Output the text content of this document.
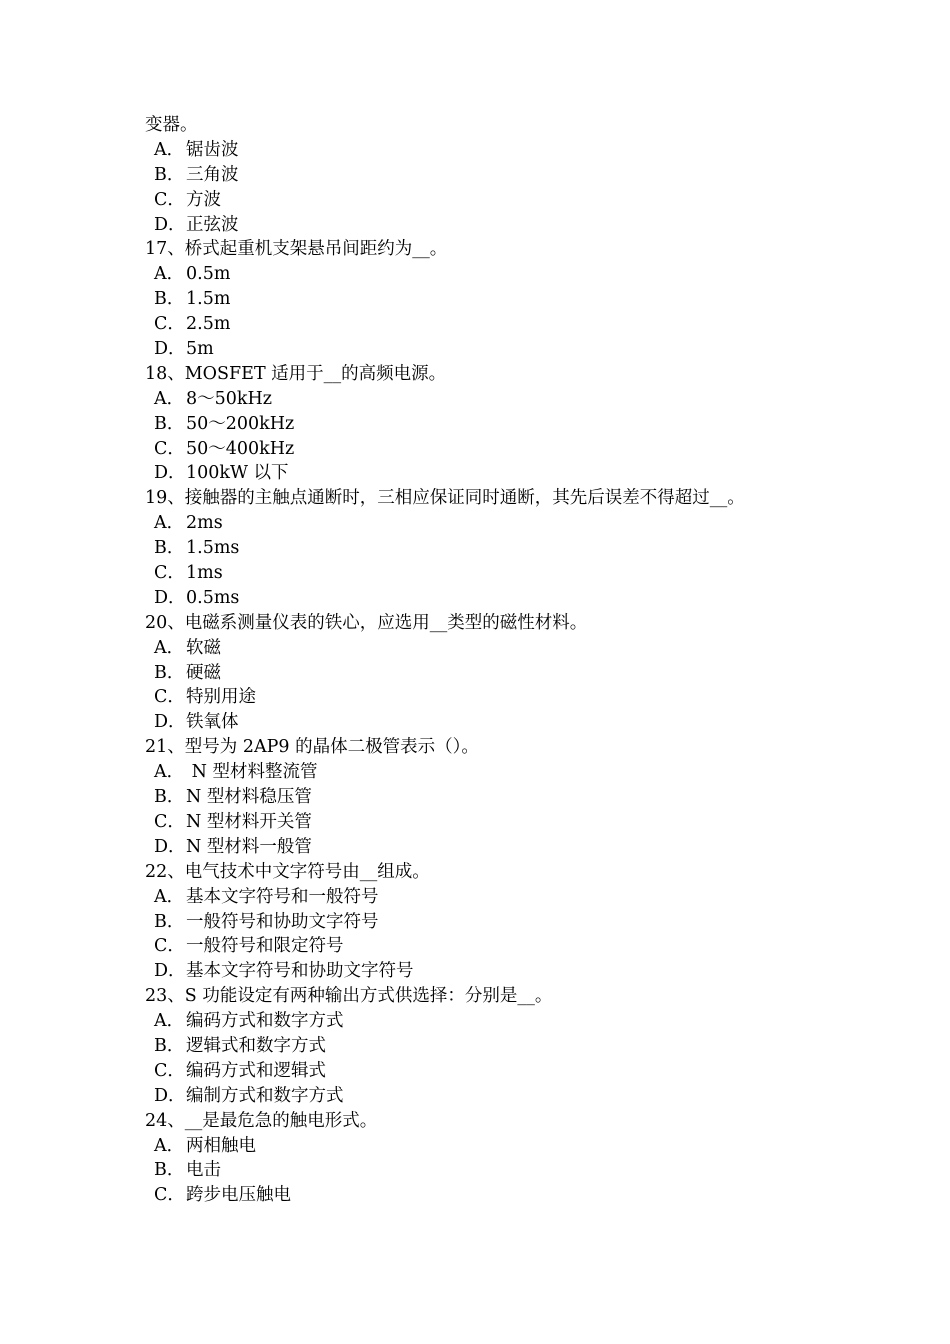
变器。
A． 锯齿波
B．三角波
C．方波
D．正弦波
17、桥式起重机支架悬吊间距约为__。
A． 0.5m
B．1.5m
C．2.5m
D．5m
18、MOSFET 适用于__的高频电源。
A． 8～50kHz
B．50～200kHz
C．50～400kHz
D．100kW 以下
19、接触器的主触点通断时，三相应保证同时通断，其先后误差不得超过__。
A． 2ms
B．1.5ms
C．1ms
D．0.5ms
20、电磁系测量仪表的铁心，应选用__类型的磁性材料。
A． 软磁
B．硬磁
C．特别用途
D．铁氧体
21、型号为 2AP9 的晶体二极管表示（）。
A． N 型材料整流管
B．N 型材料稳压管
C．N 型材料开关管
D．N 型材料一般管
22、电气技术中文字符号由__组成。
A． 基本文字符号和一般符号
B．一般符号和协助文字符号
C．一般符号和限定符号
D．基本文字符号和协助文字符号
23、S 功能设定有两种输出方式供选择：分别是__。
A． 编码方式和数字方式
B．逻辑式和数字方式
C．编码方式和逻辑式
D．编制方式和数字方式
24、__是最危急的触电形式。
A． 两相触电
B．电击
C．跨步电压触电
